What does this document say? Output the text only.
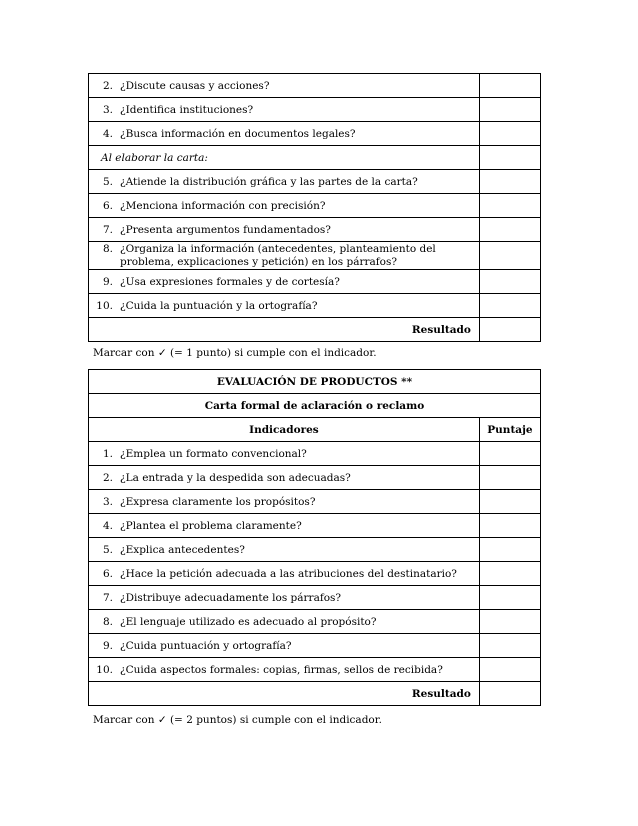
2. ¿Discute causas y acciones?	
3. ¿Identifica instituciones?	
4. ¿Busca información en documentos legales?	
Al elaborar la carta:	
5. ¿Atiende la distribución gráfica y las partes de la carta?	
6. ¿Menciona información con precisión?	
7. ¿Presenta argumentos fundamentados?	

8. ¿Organiza la información (antecedentes, planteamiento del problema, explicaciones y petición) en los párrafos?	

9. ¿Usa expresiones formales y de cortesía?	
10. ¿Cuida la puntuación y la ortografía?	
Resultado	
Marcar con ✓ (= 1 punto) si cumple con el indicador.
EVALUACIÓN DE PRODUCTOS **	
Carta formal de aclaración o reclamo	
Indicadores	Puntaje
1. ¿Emplea un formato convencional?	
2. ¿La entrada y la despedida son adecuadas?	
3. ¿Expresa claramente los propósitos?	
4. ¿Plantea el problema claramente?	
5. ¿Explica antecedentes?	
6. ¿Hace la petición adecuada a las atribuciones del destinatario?	
7. ¿Distribuye adecuadamente los párrafos?	
8. ¿El lenguaje utilizado es adecuado al propósito?	
9. ¿Cuida puntuación y ortografía?	
10. ¿Cuida aspectos formales: copias, firmas, sellos de recibida?	
Resultado	
Marcar con ✓ (= 2 puntos) si cumple con el indicador.
